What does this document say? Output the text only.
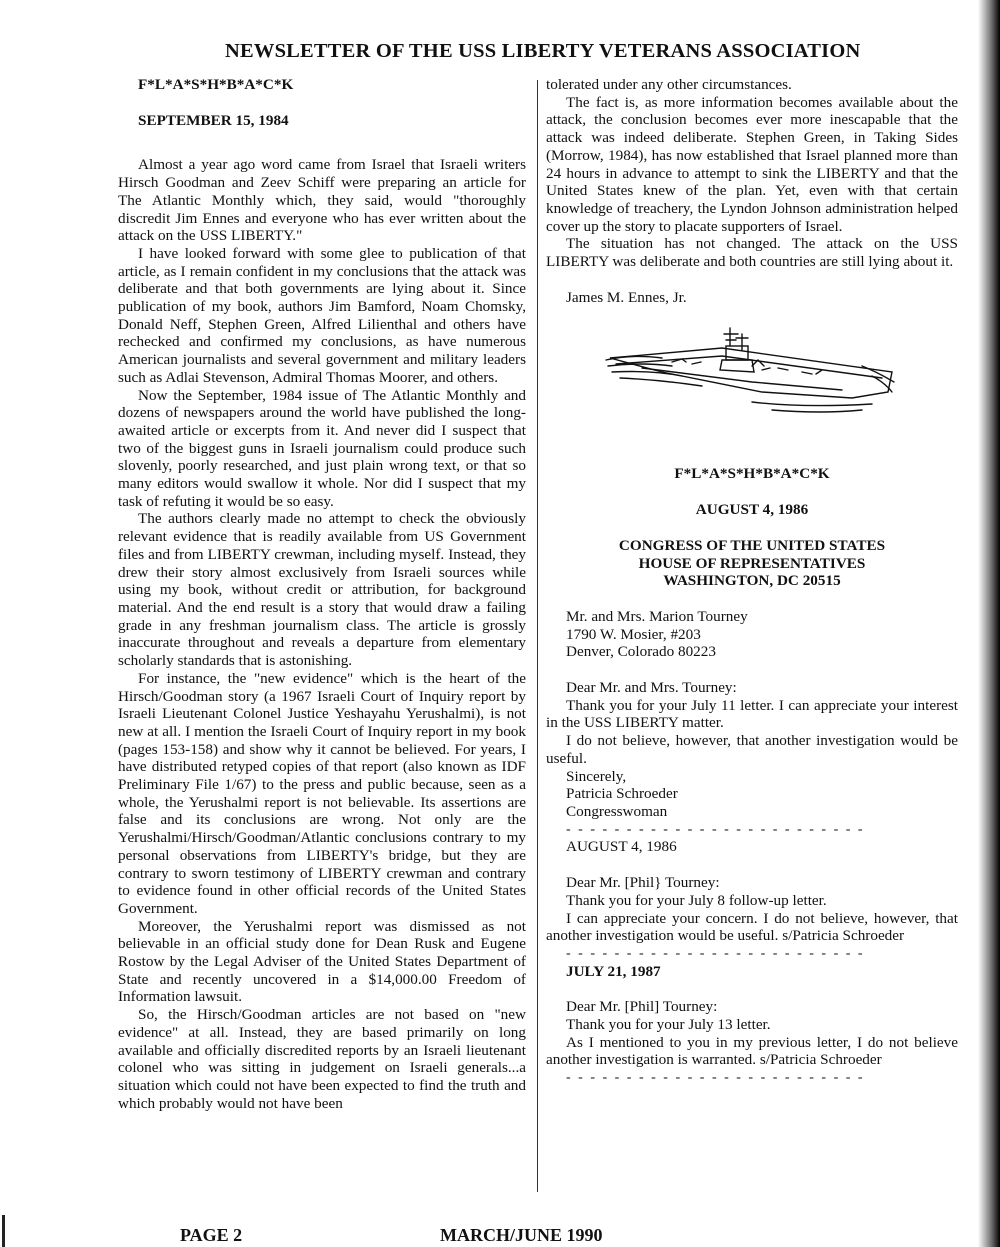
NEWSLETTER OF THE USS LIBERTY VETERANS ASSOCIATION

F*L*A*S*H*B*A*C*K

SEPTEMBER 15, 1984

Almost a year ago word came from Israel that Israeli writers Hirsch Goodman and Zeev Schiff were preparing an article for The Atlantic Monthly which, they said, would "thoroughly discredit Jim Ennes and everyone who has ever written about the attack on the USS LIBERTY."

I have looked forward with some glee to publication of that article, as I remain confident in my conclusions that the attack was deliberate and that both governments are lying about it. Since publication of my book, authors Jim Bamford, Noam Chomsky, Donald Neff, Stephen Green, Alfred Lilienthal and others have rechecked and confirmed my conclusions, as have numerous American journalists and several government and military leaders such as Adlai Stevenson, Admiral Thomas Moorer, and others.

Now the September, 1984 issue of The Atlantic Monthly and dozens of newspapers around the world have published the long-awaited article or excerpts from it. And never did I suspect that two of the biggest guns in Israeli journalism could produce such slovenly, poorly researched, and just plain wrong text, or that so many editors would swallow it whole. Nor did I suspect that my task of refuting it would be so easy.

The authors clearly made no attempt to check the obviously relevant evidence that is readily available from US Government files and from LIBERTY crewman, including myself. Instead, they drew their story almost exclusively from Israeli sources while using my book, without credit or attribution, for background material. And the end result is a story that would draw a failing grade in any freshman journalism class. The article is grossly inaccurate throughout and reveals a departure from elementary scholarly standards that is astonishing.

For instance, the "new evidence" which is the heart of the Hirsch/Goodman story (a 1967 Israeli Court of Inquiry report by Israeli Lieutenant Colonel Justice Yeshayahu Yerushalmi), is not new at all. I mention the Israeli Court of Inquiry report in my book (pages 153-158) and show why it cannot be believed. For years, I have distributed retyped copies of that report (also known as IDF Preliminary File 1/67) to the press and public because, seen as a whole, the Yerushalmi report is not believable. Its assertions are false and its conclusions are wrong. Not only are the Yerushalmi/Hirsch/Goodman/Atlantic conclusions contrary to my personal observations from LIBERTY's bridge, but they are contrary to sworn testimony of LIBERTY crewman and contrary to evidence found in other official records of the United States Government.

Moreover, the Yerushalmi report was dismissed as not believable in an official study done for Dean Rusk and Eugene Rostow by the Legal Adviser of the United States Department of State and recently uncovered in a $14,000.00 Freedom of Information lawsuit.

So, the Hirsch/Goodman articles are not based on "new evidence" at all. Instead, they are based primarily on long available and officially discredited reports by an Israeli lieutenant colonel who was sitting in judgement on Israeli generals...a situation which could not have been expected to find the truth and which probably would not have been

tolerated under any other circumstances.

The fact is, as more information becomes available about the attack, the conclusion becomes ever more inescapable that the attack was indeed deliberate. Stephen Green, in Taking Sides (Morrow, 1984), has now established that Israel planned more than 24 hours in advance to attempt to sink the LIBERTY and that the United States knew of the plan. Yet, even with that certain knowledge of treachery, the Lyndon Johnson administration helped cover up the story to placate supporters of Israel.

The situation has not changed. The attack on the USS LIBERTY was deliberate and both countries are still lying about it.

James M. Ennes, Jr.

F*L*A*S*H*B*A*C*K

AUGUST 4, 1986

CONGRESS OF THE UNITED STATES

HOUSE OF REPRESENTATIVES

WASHINGTON, DC 20515

Mr. and Mrs. Marion Tourney

1790 W. Mosier, #203

Denver, Colorado 80223

Dear Mr. and Mrs. Tourney:

Thank you for your July 11 letter. I can appreciate your interest in the USS LIBERTY matter.

I do not believe, however, that another investigation would be useful.

Sincerely,

Patricia Schroeder

Congresswoman

- - - - - - - - - - - - - - - - - - - - - - - - -

AUGUST 4, 1986

Dear Mr. [Phil} Tourney:

Thank you for your July 8 follow-up letter.

I can appreciate your concern. I do not believe, however, that another investigation would be useful. s/Patricia Schroeder

- - - - - - - - - - - - - - - - - - - - - - - - -

JULY 21, 1987

Dear Mr. [Phil] Tourney:

Thank you for your July 13 letter.

As I mentioned to you in my previous letter, I do not believe another investigation is warranted. s/Patricia Schroeder

- - - - - - - - - - - - - - - - - - - - - - - - -

PAGE 2	MARCH/JUNE 1990
